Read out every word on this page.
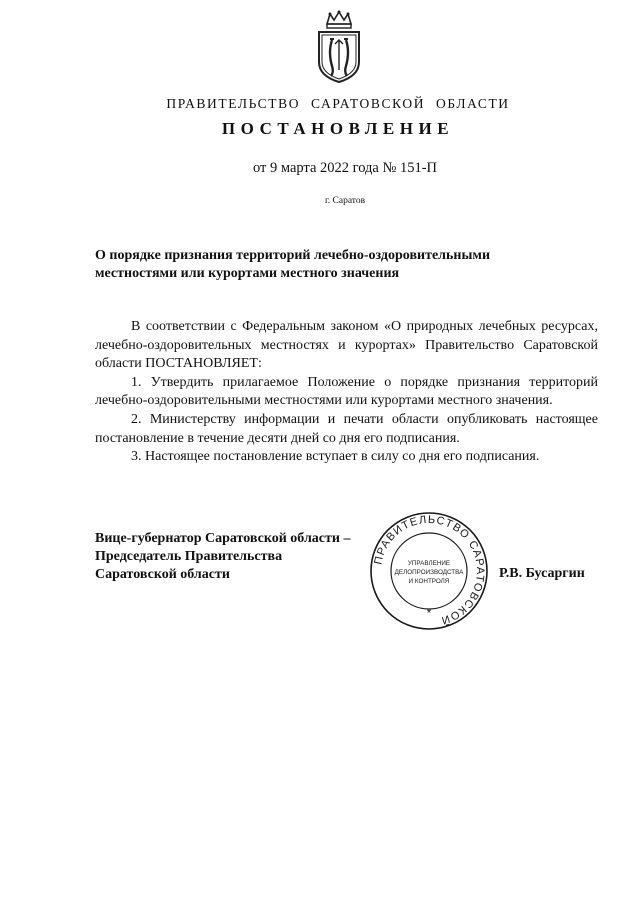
ПРАВИТЕЛЬСТВО САРАТОВСКОЙ ОБЛАСТИ
ПОСТАНОВЛЕНИЕ
от 9 марта 2022 года № 151-П
г. Саратов
О порядке признания территорий лечебно-оздоровительными
местностями или курортами местного значения

В соответствии с Федеральным законом «О природных лечебных ресурсах, лечебно-оздоровительных местностях и курортах» Правительство Саратовской области ПОСТАНОВЛЯЕТ:

1. Утвердить прилагаемое Положение о порядке признания территорий лечебно-оздоровительными местностями или курортами местного значения.

2. Министерству информации и печати области опубликовать настоящее постановление в течение десяти дней со дня его подписания.

3. Настоящее постановление вступает в силу со дня его подписания.

Вице-губернатор Саратовской области –
Председатель Правительства
Саратовской области
ПРАВИТЕЛЬСТВО САРАТОВСКОЙ
УПРАВЛЕНИЕ
ДЕЛОПРОИЗВОДСТВА
И КОНТРОЛЯ
*
Р.В. Бусаргин
